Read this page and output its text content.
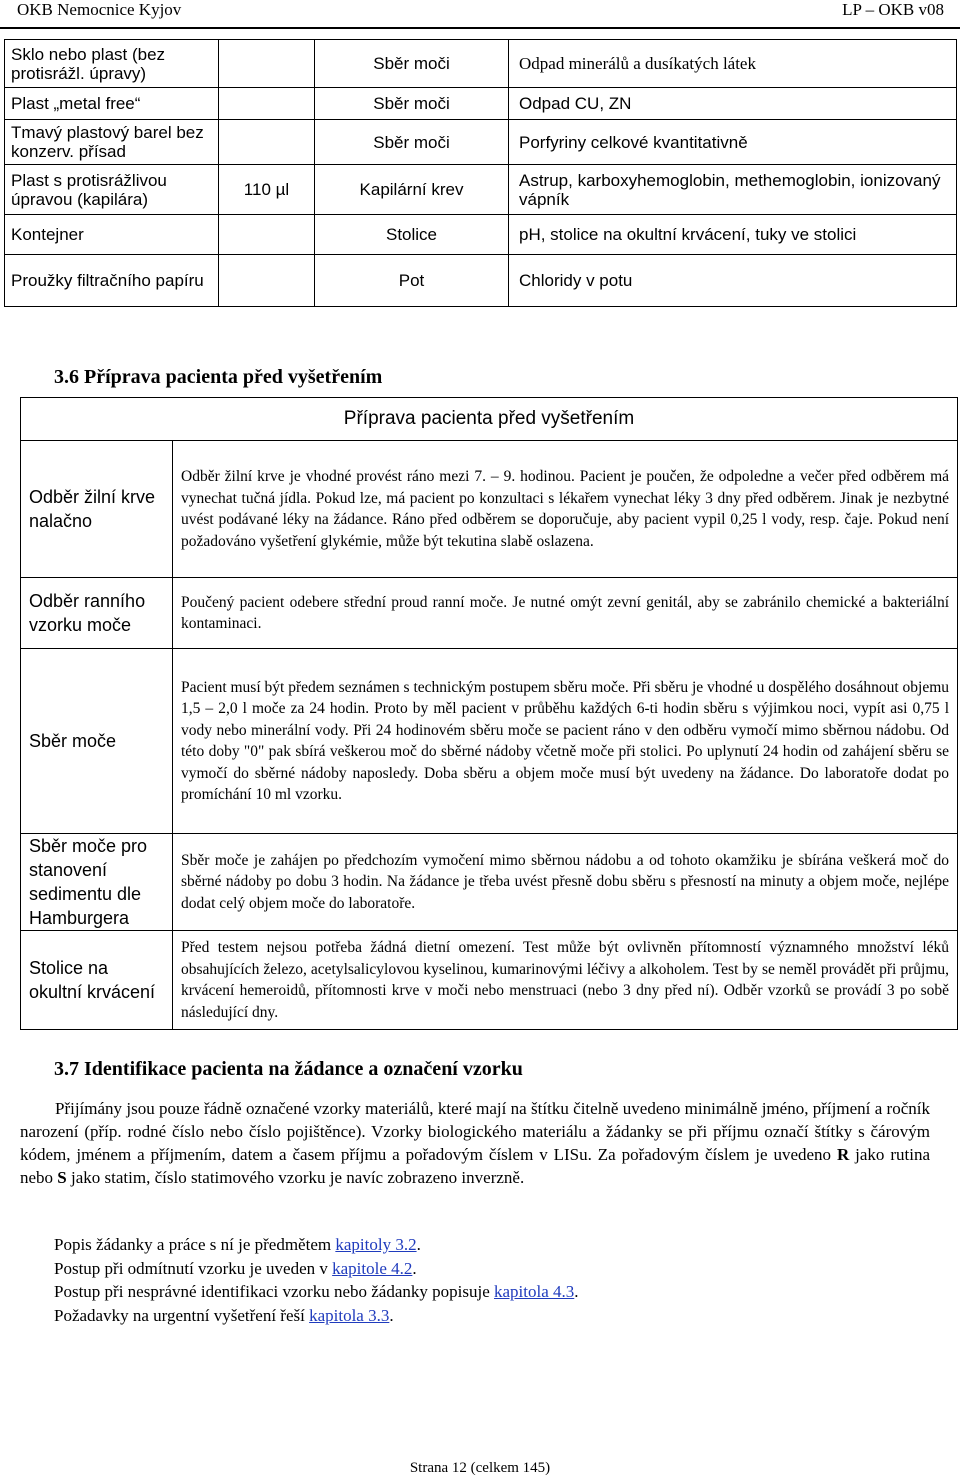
OKB Nemocnice Kyjov	LP – OKB v08
Sklo nebo plast (bez protisrážl. úpravy)		Sběr moči	Odpad minerálů a dusíkatých látek
Plast „metal free“		Sběr moči	Odpad CU, ZN
Tmavý plastový barel bez konzerv. přísad		Sběr moči	Porfyriny celkové kvantitativně
Plast s protisrážlivou úpravou (kapilára)	110 µl	Kapilární krev	Astrup, karboxyhemoglobin, methemoglobin, ionizovaný vápník
Kontejner		Stolice	pH, stolice na okultní krvácení, tuky ve stolici
Proužky filtračního papíru		Pot	Chloridy v potu
3.6 Příprava pacienta před vyšetřením
Příprava pacienta před vyšetřením	
Odběr žilní krve nalačno	Odběr žilní krve je vhodné provést ráno mezi 7. – 9. hodinou. Pacient je poučen, že odpoledne a večer před odběrem má vynechat tučná jídla. Pokud lze, má pacient po konzultaci s lékařem vynechat léky 3 dny před odběrem. Jinak je nezbytné uvést podávané léky na žádance. Ráno před odběrem se doporučuje, aby pacient vypil 0,25 l vody, resp. čaje. Pokud není požadováno vyšetření glykémie, může být tekutina slabě oslazena.
Odběr ranního vzorku moče	Poučený pacient odebere střední proud ranní moče. Je nutné omýt zevní genitál, aby se zabránilo chemické a bakteriální kontaminaci.
Sběr moče	Pacient musí být předem seznámen s technickým postupem sběru moče. Při sběru je vhodné u dospělého dosáhnout objemu 1,5 – 2,0 l moče za 24 hodin. Proto by měl pacient v průběhu každých 6-ti hodin sběru s výjimkou noci, vypít asi 0,75 l vody nebo minerální vody. Při 24 hodinovém sběru moče se pacient ráno v den odběru vymočí mimo sběrnou nádobu. Od této doby "0" pak sbírá veškerou moč do sběrné nádoby včetně moče při stolici. Po uplynutí 24 hodin od zahájení sběru se vymočí do sběrné nádoby naposledy. Doba sběru a objem moče musí být uvedeny na žádance. Do laboratoře dodat po promíchání 10 ml vzorku.
Sběr moče pro stanovení sedimentu dle Hamburgera	Sběr moče je zahájen po předchozím vymočení mimo sběrnou nádobu a od tohoto okamžiku je sbírána veškerá moč do sběrné nádoby po dobu 3 hodin. Na žádance je třeba uvést přesně dobu sběru s přesností na minuty a objem moče, nejlépe dodat celý objem moče do laboratoře.
Stolice na okultní krvácení	Před testem nejsou potřeba žádná dietní omezení. Test může být ovlivněn přítomností významného množství léků obsahujících železo, acetylsalicylovou kyselinou, kumarinovými léčivy a alkoholem. Test by se neměl provádět při průjmu, krvácení hemeroidů, přítomnosti krve v moči nebo menstruaci (nebo 3 dny před ní). Odběr vzorků se provádí 3 po sobě následující dny.
3.7 Identifikace pacienta na žádance a označení vzorku
Přijímány jsou pouze řádně označené vzorky materiálů, které mají na štítku čitelně uvedeno minimálně jméno, příjmení a ročník narození (příp. rodné číslo nebo číslo pojištěnce). Vzorky biologického materiálu a žádanky se při příjmu označí štítky s čárovým kódem, jménem a příjmením, datem a časem příjmu a pořadovým číslem v LISu. Za pořadovým číslem je uvedeno R jako rutina nebo S jako statim, číslo statimového vzorku je navíc zobrazeno inverzně.
Popis žádanky a práce s ní je předmětem kapitoly 3.2.
Postup při odmítnutí vzorku je uveden v kapitole 4.2.
Postup při nesprávné identifikaci vzorku nebo žádanky popisuje kapitola 4.3.
Požadavky na urgentní vyšetření řeší kapitola 3.3.
Strana 12 (celkem 145)
